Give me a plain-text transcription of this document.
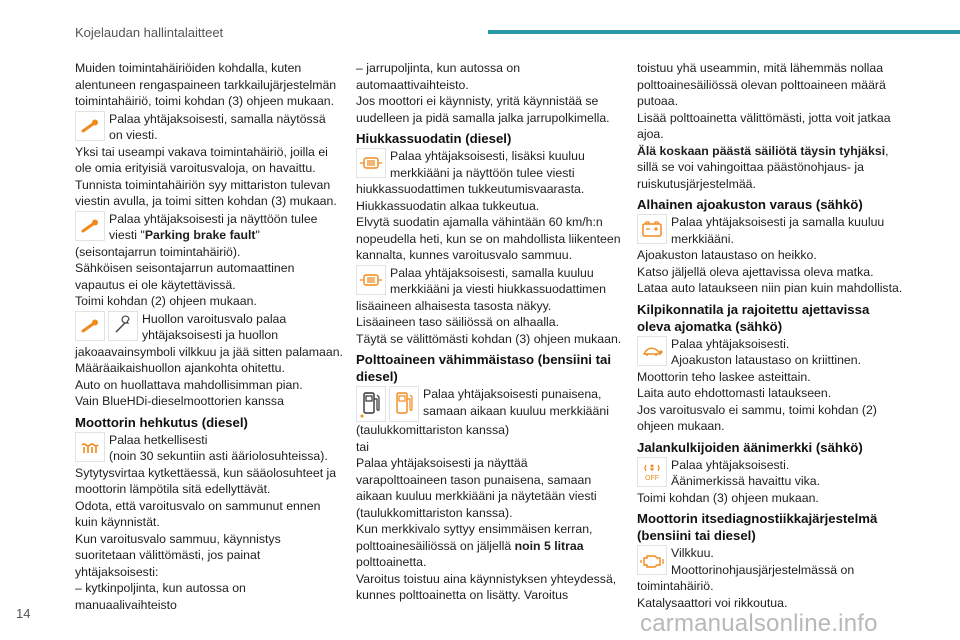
Kojelaudan hallintalaitteet
Muiden toimintahäiriöiden kohdalla, kuten
alentuneen rengaspaineen tarkkailujärjestelmän
toimintahäiriö, toimi kohdan (3) ohjeen mukaan.
Palaa yhtäjaksoisesti, samalla näytössä
on viesti.
Yksi tai useampi vakava toimintahäiriö, joilla ei
ole omia erityisiä varoitusvaloja, on havaittu.
Tunnista toimintahäiriön syy mittariston tulevan
viestin avulla, ja toimi sitten kohdan (3) mukaan.
Palaa yhtäjaksoisesti ja näyttöön tulee
viesti "Parking brake fault"
(seisontajarrun toimintahäiriö).
Sähköisen seisontajarrun automaattinen
vapautus ei ole käytettävissä.
Toimi kohdan (2) ohjeen mukaan.
Huollon varoitusvalo palaa
yhtäjaksoisesti ja huollon
jakoaavainsymboli vilkkuu ja jää sitten palamaan.
Määräaikaishuollon ajankohta ohitettu.
Auto on huollattava mahdollisimman pian.
Vain BlueHDi-dieselmoottorien kanssa
Moottorin hehkutus (diesel)
Palaa hetkellisesti
(noin 30 sekuntiin asti ääriolosuhteissa).
Sytytysvirtaa kytkettäessä, kun sääolosuhteet ja
moottorin lämpötila sitä edellyttävät.
Odota, että varoitusvalo on sammunut ennen
kuin käynnistät.
Kun varoitusvalo sammuu, käynnistys
suoritetaan välittömästi, jos painat
yhtäjaksoisesti:
– kytkinpoljinta, kun autossa on
manuaalivaihteisto
– jarrupoljinta, kun autossa on
automaattivaihteisto.
Jos moottori ei käynnisty, yritä käynnistää se
uudelleen ja pidä samalla jalka jarrupolkimella.
Hiukkassuodatin (diesel)
Palaa yhtäjaksoisesti, lisäksi kuuluu
merkkiääni ja näyttöön tulee viesti
hiukkassuodattimen tukkeutumisvaarasta.
Hiukkassuodatin alkaa tukkeutua.
Elvytä suodatin ajamalla vähintään 60 km/h:n
nopeudella heti, kun se on mahdollista liikenteen
kannalta, kunnes varoitusvalo sammuu.
Palaa yhtäjaksoisesti, samalla kuuluu
merkkiääni ja viesti hiukkassuodattimen
lisäaineen alhaisesta tasosta näkyy.
Lisäaineen taso säiliössä on alhaalla.
Täytä se välittömästi kohdan (3) ohjeen mukaan.
Polttoaineen vähimmäistaso (bensiini tai
diesel)
Palaa yhtäjaksoisesti punaisena,
samaan aikaan kuuluu merkkiääni
(taulukkomittariston kanssa)
tai
Palaa yhtäjaksoisesti ja näyttää
varapolttoaineen tason punaisena, samaan
aikaan kuuluu merkkiääni ja näytetään viesti
(taulukkomittariston kanssa).
Kun merkkivalo syttyy ensimmäisen kerran,
polttoainesäiliössä on jäljellä noin 5 litraa
polttoainetta.
Varoitus toistuu aina käynnistyksen yhteydessä,
kunnes polttoainetta on lisätty. Varoitus
toistuu yhä useammin, mitä lähemmäs nollaa
polttoainesäiliössä olevan polttoaineen määrä
putoaa.
Lisää polttoainetta välittömästi, jotta voit jatkaa
ajoa.
Älä koskaan päästä säiliötä täysin tyhjäksi,
sillä se voi vahingoittaa päästönohjaus- ja
ruiskutusjärjestelmää.
Alhainen ajoakuston varaus (sähkö)
Palaa yhtäjaksoisesti ja samalla kuuluu
merkkiääni.
Ajoakuston lataustaso on heikko.
Katso jäljellä oleva ajettavissa oleva matka.
Lataa auto lataukseen niin pian kuin mahdollista.
Kilpikonnatila ja rajoitettu ajettavissa
oleva ajomatka (sähkö)
Palaa yhtäjaksoisesti.
Ajoakuston lataustaso on kriittinen.
Moottorin teho laskee asteittain.
Laita auto ehdottomasti lataukseen.
Jos varoitusvalo ei sammu, toimi kohdan (2)
ohjeen mukaan.
Jalankulkijoiden äänimerkki (sähkö)
OFF
Palaa yhtäjaksoisesti.
Äänimerkissä havaittu vika.
Toimi kohdan (3) ohjeen mukaan.
Moottorin itsediagnostiikkajärjestelmä
(bensiini tai diesel)
Vilkkuu.
Moottorinohjausjärjestelmässä on
toimintahäiriö.
Katalysaattori voi rikkoutua.
14	carmanualsonline.info
